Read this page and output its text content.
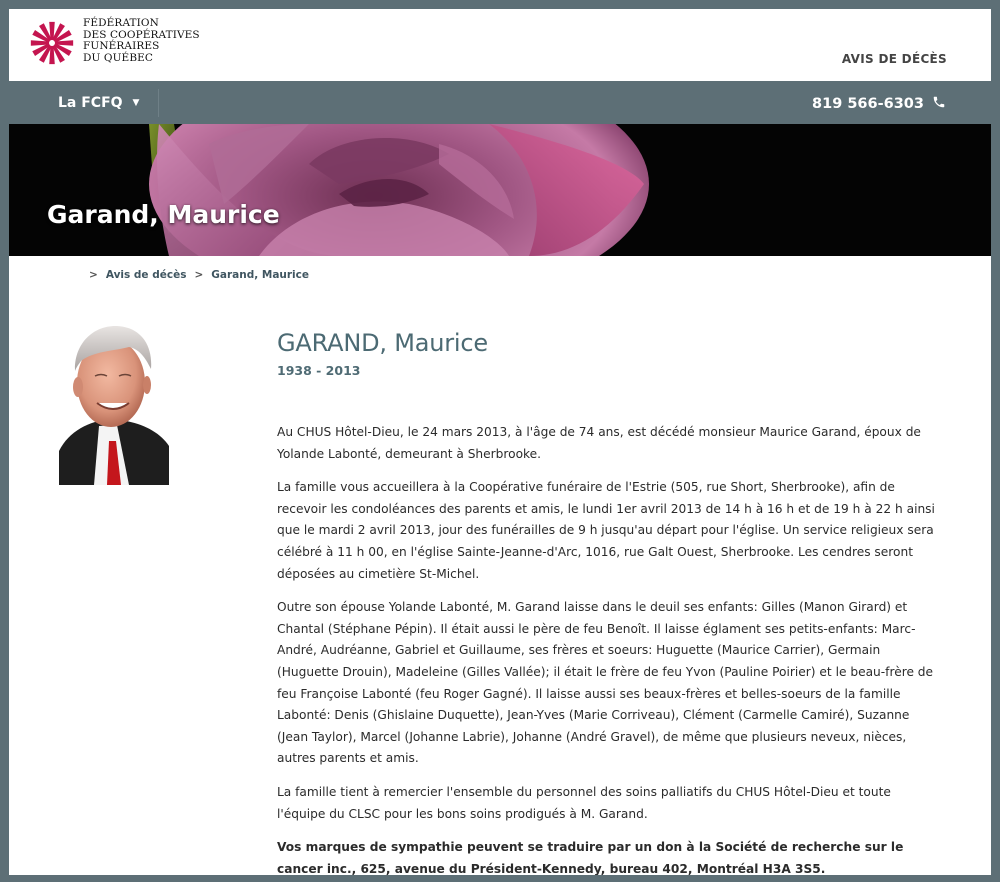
FÉDÉRATION
DES COOPÉRATIVES
FUNÉRAIRES
DU QUÉBEC	AVIS DE DÉCÈS
La FCFQ ▼	819 566-6303
Garand, Maurice
> Avis de décès > Garand, Maurice
GARAND, Maurice
1938 - 2013

Au CHUS Hôtel-Dieu, le 24 mars 2013, à l'âge de 74 ans, est décédé monsieur Maurice Garand, époux de Yolande Labonté, demeurant à Sherbrooke.

La famille vous accueillera à la Coopérative funéraire de l'Estrie (505, rue Short, Sherbrooke), afin de recevoir les condoléances des parents et amis, le lundi 1er avril 2013 de 14 h à 16 h et de 19 h à 22 h ainsi que le mardi 2 avril 2013, jour des funérailles de 9 h jusqu'au départ pour l'église. Un service religieux sera célébré à 11 h 00, en l'église Sainte-Jeanne-d'Arc, 1016, rue Galt Ouest, Sherbrooke. Les cendres seront déposées au cimetière St-Michel.

Outre son épouse Yolande Labonté, M. Garand laisse dans le deuil ses enfants: Gilles (Manon Girard) et Chantal (Stéphane Pépin). Il était aussi le père de feu Benoît. Il laisse églament ses petits-enfants: Marc-André, Audréanne, Gabriel et Guillaume, ses frères et soeurs: Huguette (Maurice Carrier), Germain (Huguette Drouin), Madeleine (Gilles Vallée); il était le frère de feu Yvon (Pauline Poirier) et le beau-frère de feu Françoise Labonté (feu Roger Gagné). Il laisse aussi ses beaux-frères et belles-soeurs de la famille Labonté: Denis (Ghislaine Duquette), Jean-Yves (Marie Corriveau), Clément (Carmelle Camiré), Suzanne (Jean Taylor), Marcel (Johanne Labrie), Johanne (André Gravel), de même que plusieurs neveux, nièces, autres parents et amis.

La famille tient à remercier l'ensemble du personnel des soins palliatifs du CHUS Hôtel-Dieu et toute l'équipe du CLSC pour les bons soins prodigués à M. Garand.

Vos marques de sympathie peuvent se traduire par un don à la Société de recherche sur le cancer inc., 625, avenue du Président-Kennedy, bureau 402, Montréal H3A 3S5.
